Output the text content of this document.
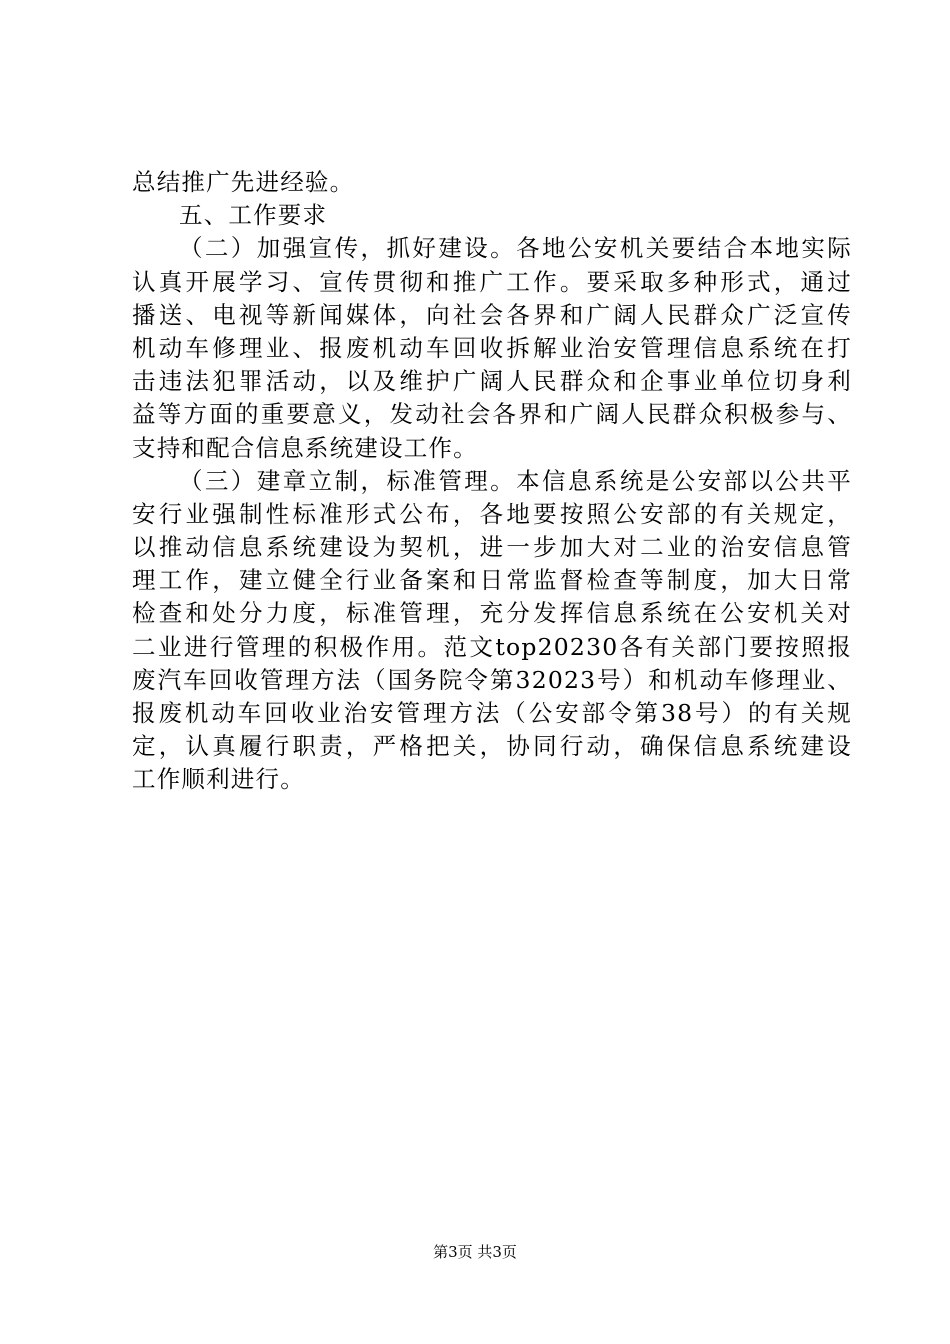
总结推广先进经验。
五、工作要求
（二）加强宣传，抓好建设。各地公安机关要结合本地实际
认真开展学习、宣传贯彻和推广工作。要采取多种形式，通过
播送、电视等新闻媒体，向社会各界和广阔人民群众广泛宣传
机动车修理业、报废机动车回收拆解业治安管理信息系统在打
击违法犯罪活动，以及维护广阔人民群众和企事业单位切身利
益等方面的重要意义，发动社会各界和广阔人民群众积极参与、
支持和配合信息系统建设工作。
（三）建章立制，标准管理。本信息系统是公安部以公共平
安行业强制性标准形式公布，各地要按照公安部的有关规定，
以推动信息系统建设为契机，进一步加大对二业的治安信息管
理工作，建立健全行业备案和日常监督检查等制度，加大日常
检查和处分力度，标准管理，充分发挥信息系统在公安机关对
二业进行管理的积极作用。范文top20230各有关部门要按照报
废汽车回收管理方法（国务院令第32023号）和机动车修理业、
报废机动车回收业治安管理方法（公安部令第38号）的有关规
定，认真履行职责，严格把关，协同行动，确保信息系统建设
工作顺利进行。
第3页 共3页
